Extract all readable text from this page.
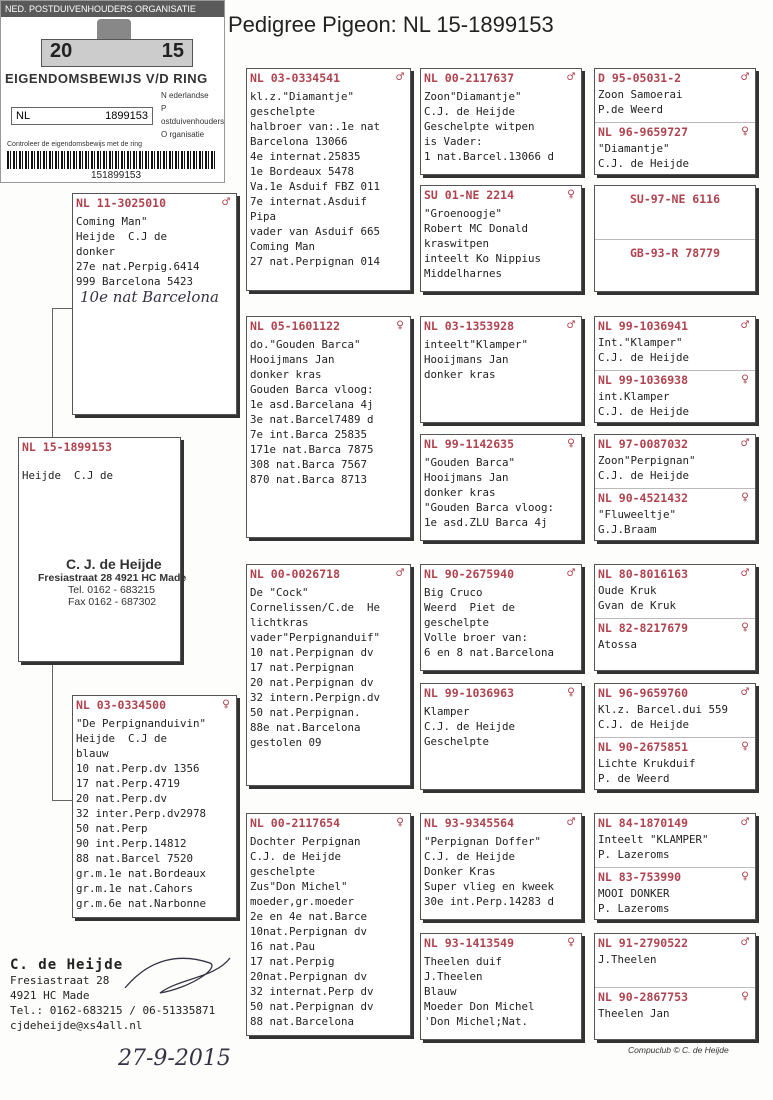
Pedigree Pigeon: NL 15-1899153
NED. POSTDUIVENHOUDERS ORGANISATIE
20	15
EIGENDOMSBEWIJS V/D RING
NL	1899153
N ederlandse
P ostduivenhouders
O rganisatie
Controleer de eigendomsbewijs met de ring
151899153
NL 15-1899153
Heijde  C.J de
NL 11-3025010	♂
Coming Man"
Heijde  C.J de
donker
27e nat.Perpig.6414
999 Barcelona 5423
NL 03-0334500	♀
"De Perpignanduivin"
Heijde  C.J de
blauw
10 nat.Perp.dv 1356
17 nat.Perp.4719
20 nat.Perp.dv
32 inter.Perp.dv2978
50 nat.Perp
90 int.Perp.14812
88 nat.Barcel 7520
gr.m.1e nat.Bordeaux
gr.m.1e nat.Cahors
gr.m.6e nat.Narbonne
NL 03-0334541	♂
kl.z."Diamantje"
geschelpte
halbroer van:.1e nat
Barcelona 13066
4e internat.25835
1e Bordeaux 5478
Va.1e Asduif FBZ 011
7e internat.Asduif
Pipa
vader van Asduif 665
Coming Man
27 nat.Perpignan 014
NL 05-1601122	♀
do."Gouden Barca"
Hooijmans Jan
donker kras
Gouden Barca vloog:
1e asd.Barcelana 4j
3e nat.Barcel7489 d
7e int.Barca 25835
171e nat.Barca 7875
308 nat.Barca 7567
870 nat.Barca 8713
NL 00-0026718	♂
De "Cock"
Cornelissen/C.de  He
lichtkras
vader"Perpignanduif"
10 nat.Perpignan dv
17 nat.Perpignan
20 nat.Perpignan dv
32 intern.Perpign.dv
50 nat.Perpignan.
88e nat.Barcelona
gestolen 09
NL 00-2117654	♀
Dochter Perpignan
C.J. de Heijde
geschelpte
Zus"Don Michel"
moeder,gr.moeder
2e en 4e nat.Barce
10nat.Perpignan dv
16 nat.Pau
17 nat.Perpig
20nat.Perpignan dv
32 internat.Perp dv
50 nat.Perpignan dv
88 nat.Barcelona
NL 00-2117637	♂
Zoon"Diamantje"
C.J. de Heijde
Geschelpte witpen
is Vader:
1 nat.Barcel.13066 d
SU 01-NE 2214	♀
"Groenoogje"
Robert MC Donald
kraswitpen
inteelt Ko Nippius
Middelharnes
NL 03-1353928	♂
inteelt"Klamper"
Hooijmans Jan
donker kras
NL 99-1142635	♀
"Gouden Barca"
Hooijmans Jan
donker kras
"Gouden Barca vloog:
1e asd.ZLU Barca 4j
NL 90-2675940	♂
Big Cruco
Weerd  Piet de
geschelpte
Volle broer van:
6 en 8 nat.Barcelona
NL 99-1036963	♀
Klamper
C.J. de Heijde
Geschelpte
NL 93-9345564	♂
"Perpignan Doffer"
C.J. de Heijde
Donker Kras
Super vlieg en kweek
30e int.Perp.14283 d
NL 93-1413549	♀
Theelen duif
J.Theelen
Blauw
Moeder Don Michel
'Don Michel;Nat.
D 95-05031-2	♂
Zoon Samoerai
P.de Weerd
NL 96-9659727	♀
"Diamantje"
C.J. de Heijde
SU-97-NE 6116
GB-93-R 78779
NL 99-1036941	♂
Int."Klamper"
C.J. de Heijde
NL 99-1036938	♀
int.Klamper
C.J. de Heijde
NL 97-0087032	♂
Zoon"Perpignan"
C.J. de Heijde
NL 90-4521432	♀
"Fluweeltje"
G.J.Braam
NL 80-8016163	♂
Oude Kruk
Gvan de Kruk
NL 82-8217679	♀
Atossa
NL 96-9659760	♂
Kl.z. Barcel.dui 559
C.J. de Heijde
NL 90-2675851	♀
Lichte Krukduif
P. de Weerd
NL 84-1870149	♂
Inteelt "KLAMPER"
P. Lazeroms
NL 83-753990	♀
MOOI DONKER
P. Lazeroms
NL 91-2790522	♂
J.Theelen
NL 90-2867753	♀
Theelen Jan
C. J. de Heijde
Fresiastraat 28 4921 HC Made
Tel. 0162 - 683215
Fax 0162 - 687302
10e nat Barcelona
C. de Heijde
Fresiastraat 28
4921 HC Made
Tel.: 0162-683215 / 06-51335871
cjdeheijde@xs4all.nl
27-9-2015	Compuclub © C. de Heijde
